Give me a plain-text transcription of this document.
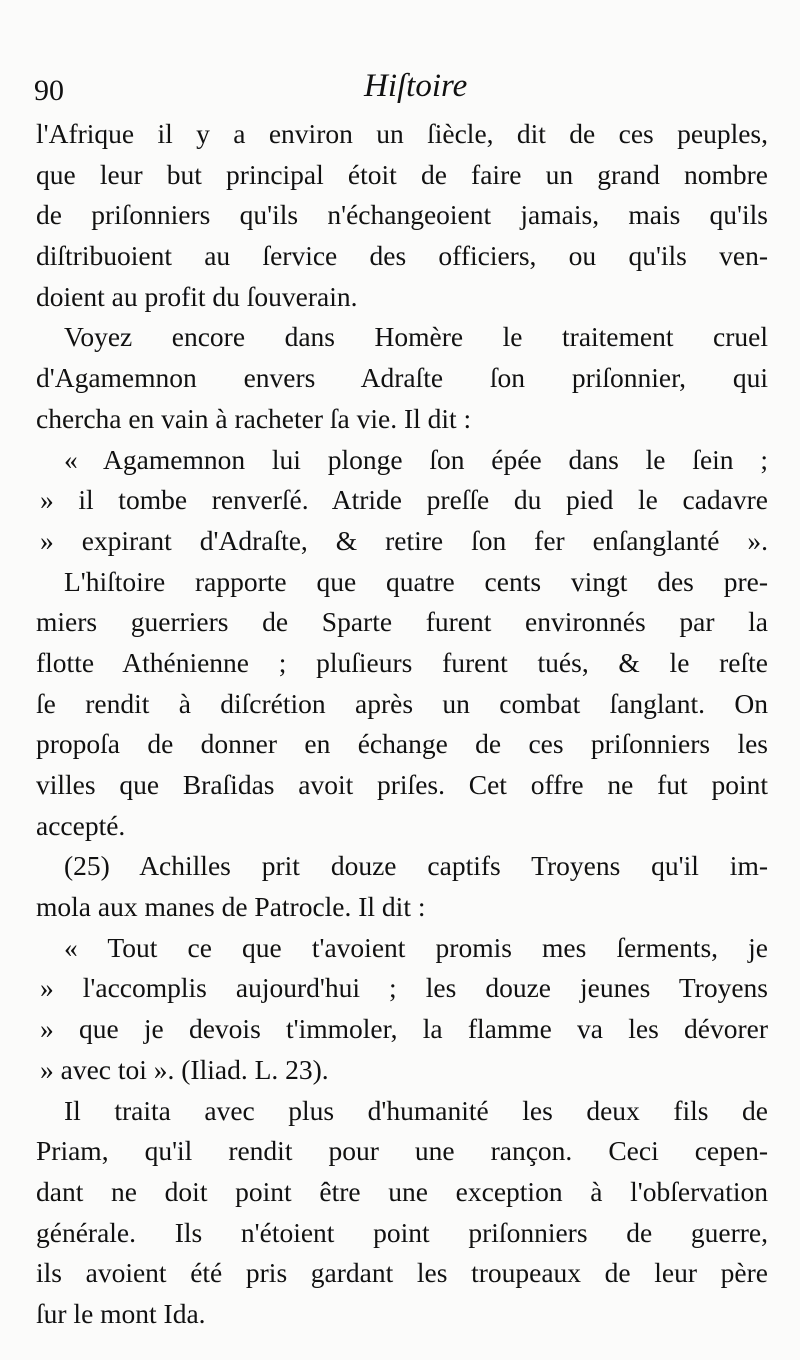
90	Hiſtoire
l'Afrique il y a environ un ſiècle, dit de ces peuples,
que leur but principal étoit de faire un grand nombre
de priſonniers qu'ils n'échangeoient jamais, mais qu'ils
diſtribuoient au ſervice des officiers, ou qu'ils ven-
doient au profit du ſouverain.
Voyez encore dans Homère le traitement cruel
d'Agamemnon envers Adraſte ſon priſonnier, qui
chercha en vain à racheter ſa vie. Il dit :
« Agamemnon lui plonge ſon épée dans le ſein ;
» il tombe renverſé. Atride preſſe du pied le cadavre
» expirant d'Adraſte, & retire ſon fer enſanglanté ».
L'hiſtoire rapporte que quatre cents vingt des pre-
miers guerriers de Sparte furent environnés par la
flotte Athénienne ; pluſieurs furent tués, & le reſte
ſe rendit à diſcrétion après un combat ſanglant. On
propoſa de donner en échange de ces priſonniers les
villes que Braſidas avoit priſes. Cet offre ne fut point
accepté.
(25) Achilles prit douze captifs Troyens qu'il im-
mola aux manes de Patrocle. Il dit :
« Tout ce que t'avoient promis mes ſerments, je
» l'accomplis aujourd'hui ; les douze jeunes Troyens
» que je devois t'immoler, la flamme va les dévorer
» avec toi ». (Iliad. L. 23).
Il traita avec plus d'humanité les deux fils de
Priam, qu'il rendit pour une rançon. Ceci cepen-
dant ne doit point être une exception à l'obſervation
générale. Ils n'étoient point priſonniers de guerre,
ils avoient été pris gardant les troupeaux de leur père
ſur le mont Ida.
